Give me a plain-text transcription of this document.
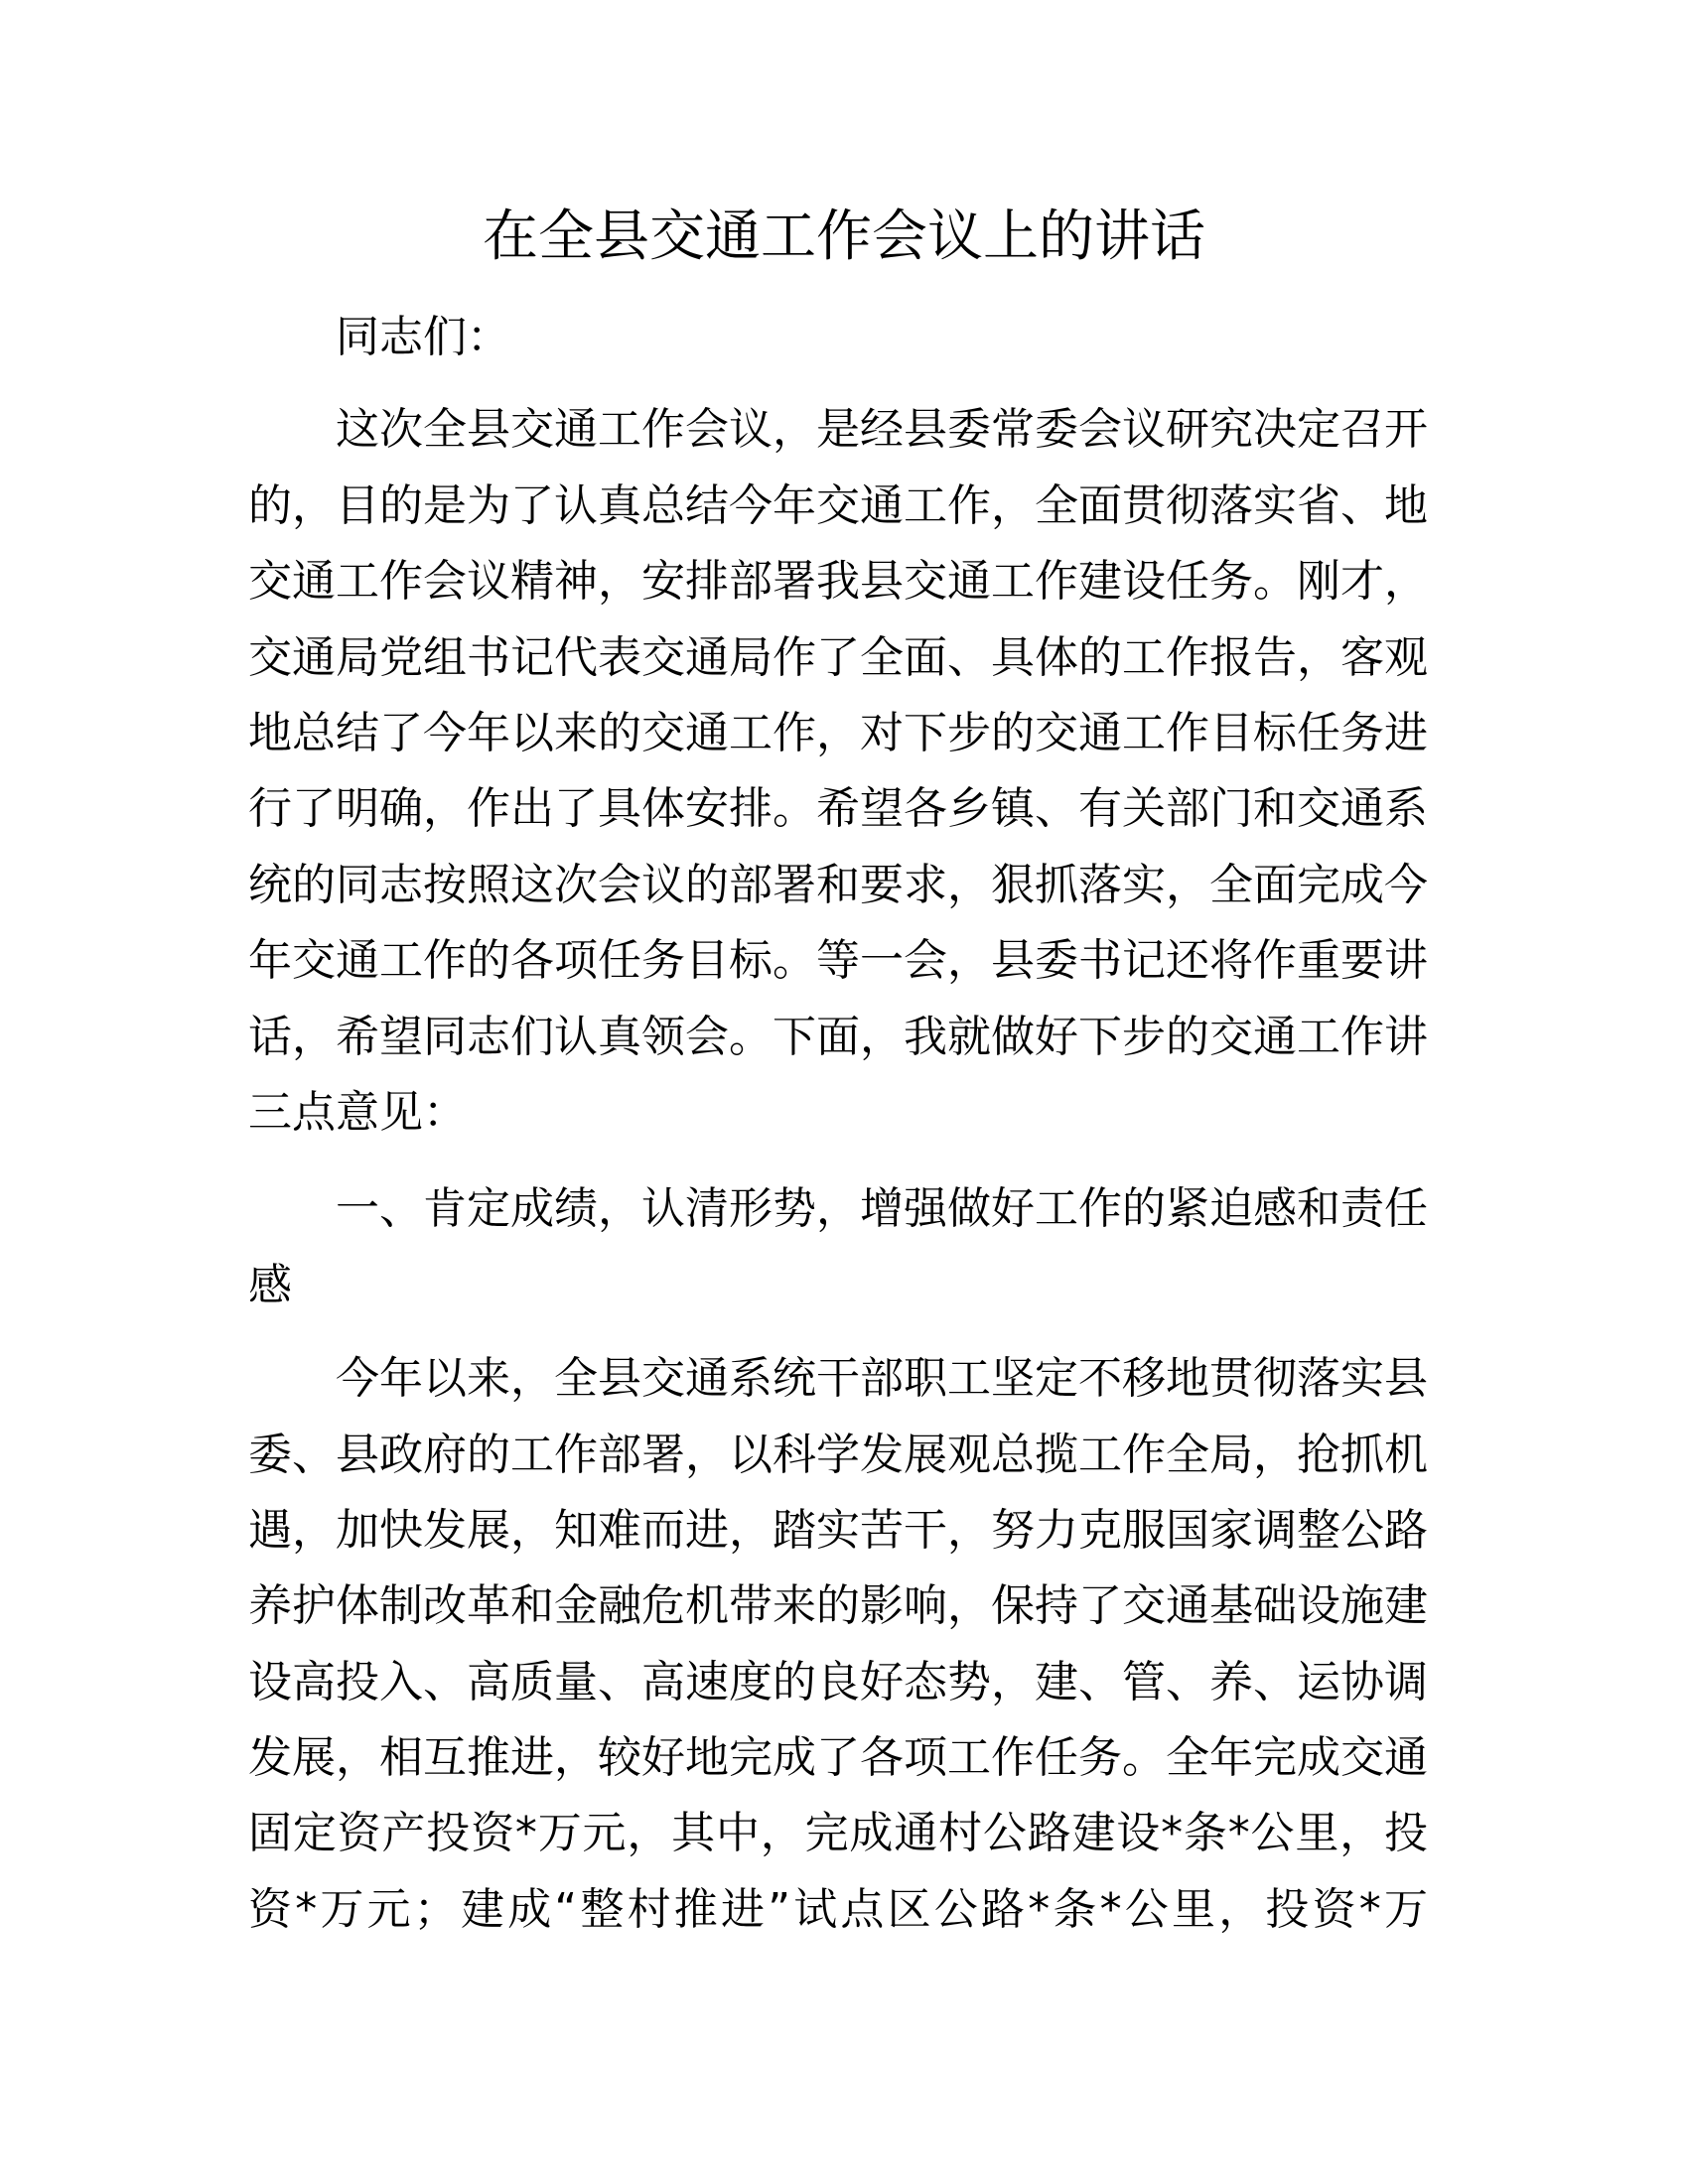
在全县交通工作会议上的讲话
同志们：
这次全县交通工作会议，是经县委常委会议研究决定召开
的，目的是为了认真总结今年交通工作，全面贯彻落实省、地
交通工作会议精神，安排部署我县交通工作建设任务。刚才，
交通局党组书记代表交通局作了全面、具体的工作报告，客观
地总结了今年以来的交通工作，对下步的交通工作目标任务进
行了明确，作出了具体安排。希望各乡镇、有关部门和交通系
统的同志按照这次会议的部署和要求，狠抓落实，全面完成今
年交通工作的各项任务目标。等一会，县委书记还将作重要讲
话，希望同志们认真领会。下面，我就做好下步的交通工作讲
三点意见：
一、肯定成绩，认清形势，增强做好工作的紧迫感和责任
感
今年以来，全县交通系统干部职工坚定不移地贯彻落实县
委、县政府的工作部署，以科学发展观总揽工作全局，抢抓机
遇，加快发展，知难而进，踏实苦干，努力克服国家调整公路
养护体制改革和金融危机带来的影响，保持了交通基础设施建
设高投入、高质量、高速度的良好态势，建、管、养、运协调
发展，相互推进，较好地完成了各项工作任务。全年完成交通
固定资产投资*万元，其中，完成通村公路建设*条*公里，投
资*万元；建成“整村推进”试点区公路*条*公里，投资*万
